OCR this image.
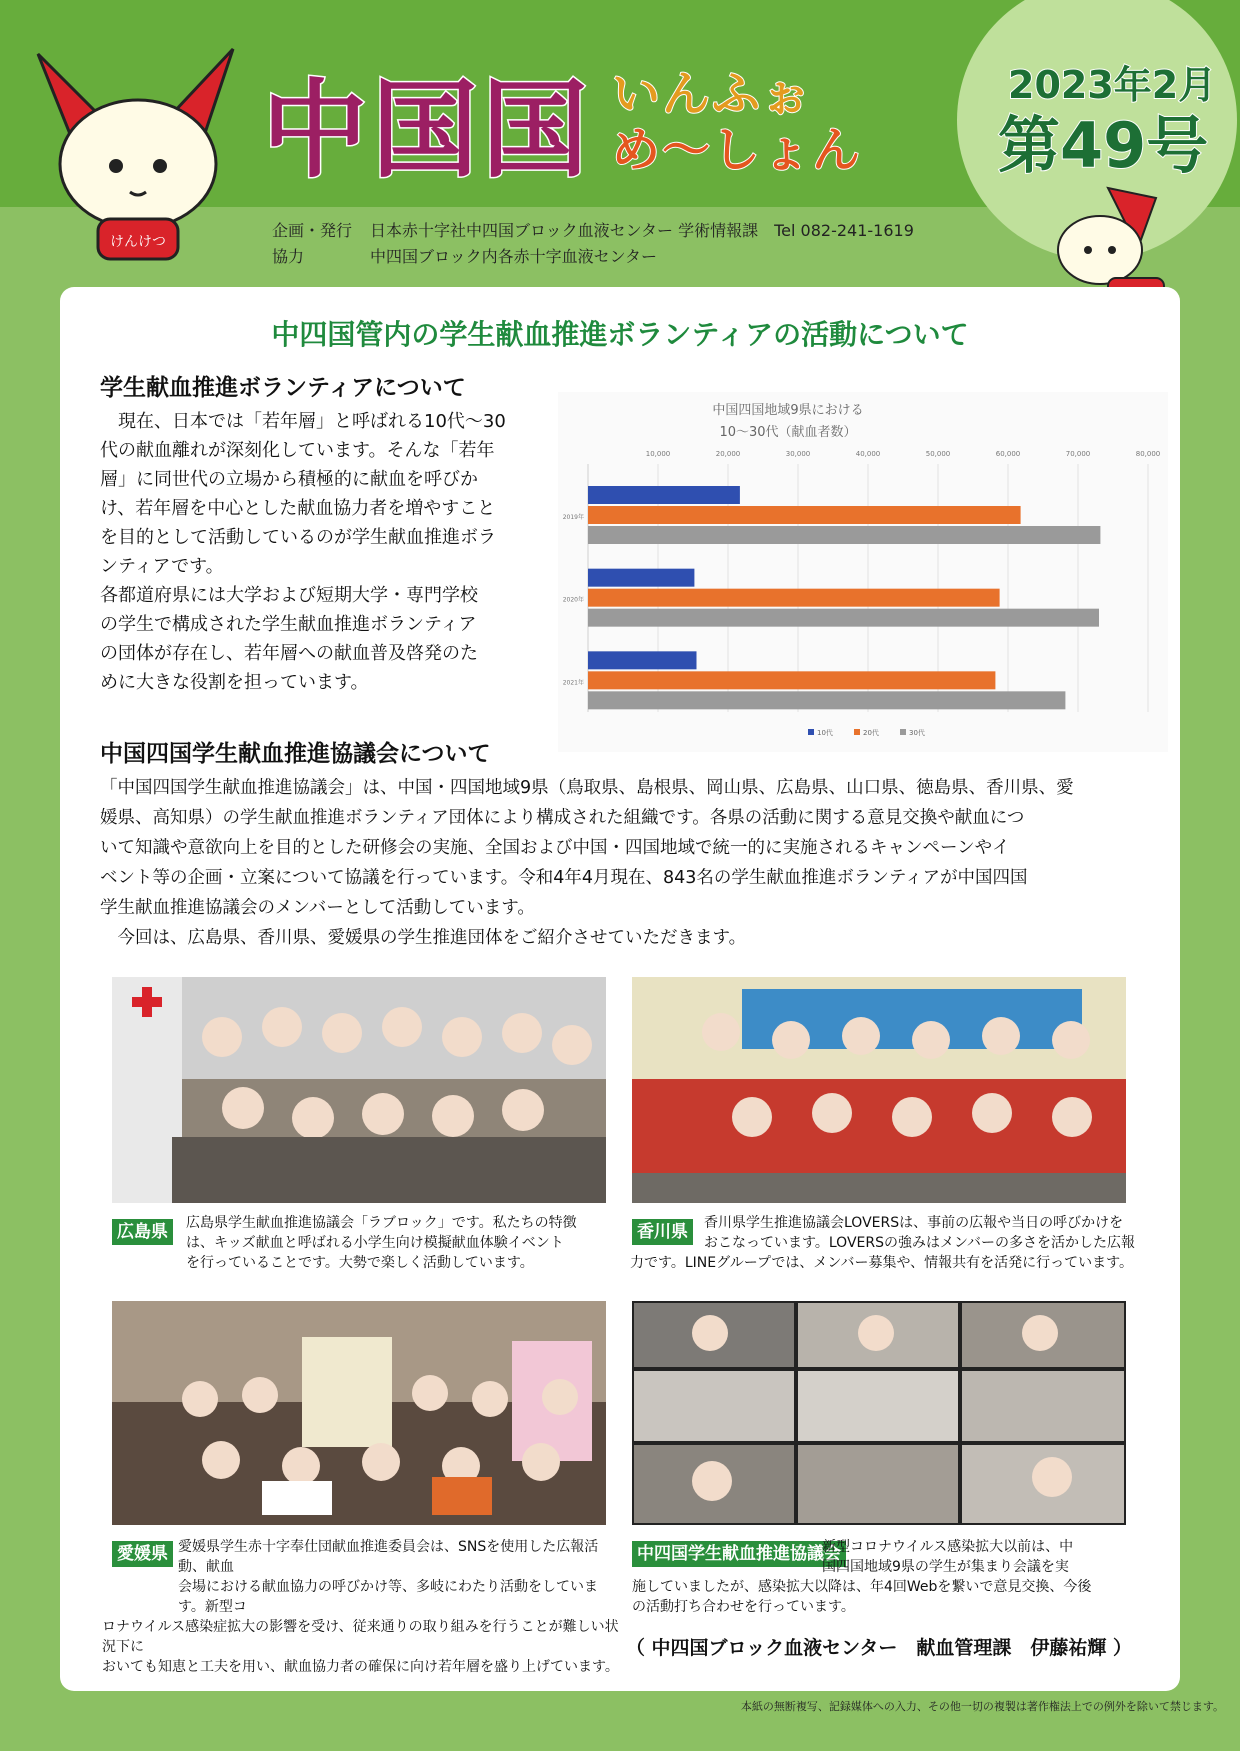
けんけつ
中国国 いんふぉ
め〜しょん
2023年2月
第49号
企画・発行 日本赤十字社中四国ブロック血液センター 学術情報課　Tel 082-241-1619
協力	中四国ブロック内各赤十字血液センター
中四国管内の学生献血推進ボランティアの活動について
学生献血推進ボランティアについて
　現在、日本では「若年層」と呼ばれる10代〜30
代の献血離れが深刻化しています。そんな「若年
層」に同世代の立場から積極的に献血を呼びか
け、若年層を中心とした献血協力者を増やすこと
を目的として活動しているのが学生献血推進ボラ
ンティアです。
各都道府県には大学および短期大学・専門学校
の学生で構成された学生献血推進ボランティア
の団体が存在し、若年層への献血普及啓発のた
めに大きな役割を担っています。
中国四国地域9県における
10〜30代（献血者数）
10,000	20,000	30,000	40,000	50,000	60,000	70,000	80,000
2019年
2020年
2021年
10代	20代	30代
中国四国学生献血推進協議会について
「中国四国学生献血推進協議会」は、中国・四国地域9県（鳥取県、島根県、岡山県、広島県、山口県、徳島県、香川県、愛
媛県、高知県）の学生献血推進ボランティア団体により構成された組織です。各県の活動に関する意見交換や献血につ
いて知識や意欲向上を目的とした研修会の実施、全国および中国・四国地域で統一的に実施されるキャンペーンやイ
ベント等の企画・立案について協議を行っています。令和4年4月現在、843名の学生献血推進ボランティアが中国四国
学生献血推進協議会のメンバーとして活動しています。
　今回は、広島県、香川県、愛媛県の学生推進団体をご紹介させていただきます。
広島県	広島県学生献血推進協議会「ラブロック」です。私たちの特徴
は、キッズ献血と呼ばれる小学生向け模擬献血体験イベント
を行っていることです。大勢で楽しく活動しています。
香川県	香川県学生推進協議会LOVERSは、事前の広報や当日の呼びかけを
おこなっています。LOVERSの強みはメンバーの多さを活かした広報
力です。LINEグループでは、メンバー募集や、情報共有を活発に行っています。
愛媛県 愛媛県学生赤十字奉仕団献血推進委員会は、SNSを使用した広報活動、献血
会場における献血協力の呼びかけ等、多岐にわたり活動をしています。新型コ
ロナウイルス感染症拡大の影響を受け、従来通りの取り組みを行うことが難しい状況下に
おいても知恵と工夫を用い、献血協力者の確保に向け若年層を盛り上げています。
中四国学生献血推進協議会
新型コロナウイルス感染拡大以前は、中
国四国地域9県の学生が集まり会議を実
施していましたが、感染拡大以降は、年4回Webを繋いで意見交換、今後
の活動打ち合わせを行っています。
（ 中四国ブロック血液センター　献血管理課　伊藤祐輝 ）
本紙の無断複写、記録媒体への入力、その他一切の複製は著作権法上での例外を除いて禁じます。
